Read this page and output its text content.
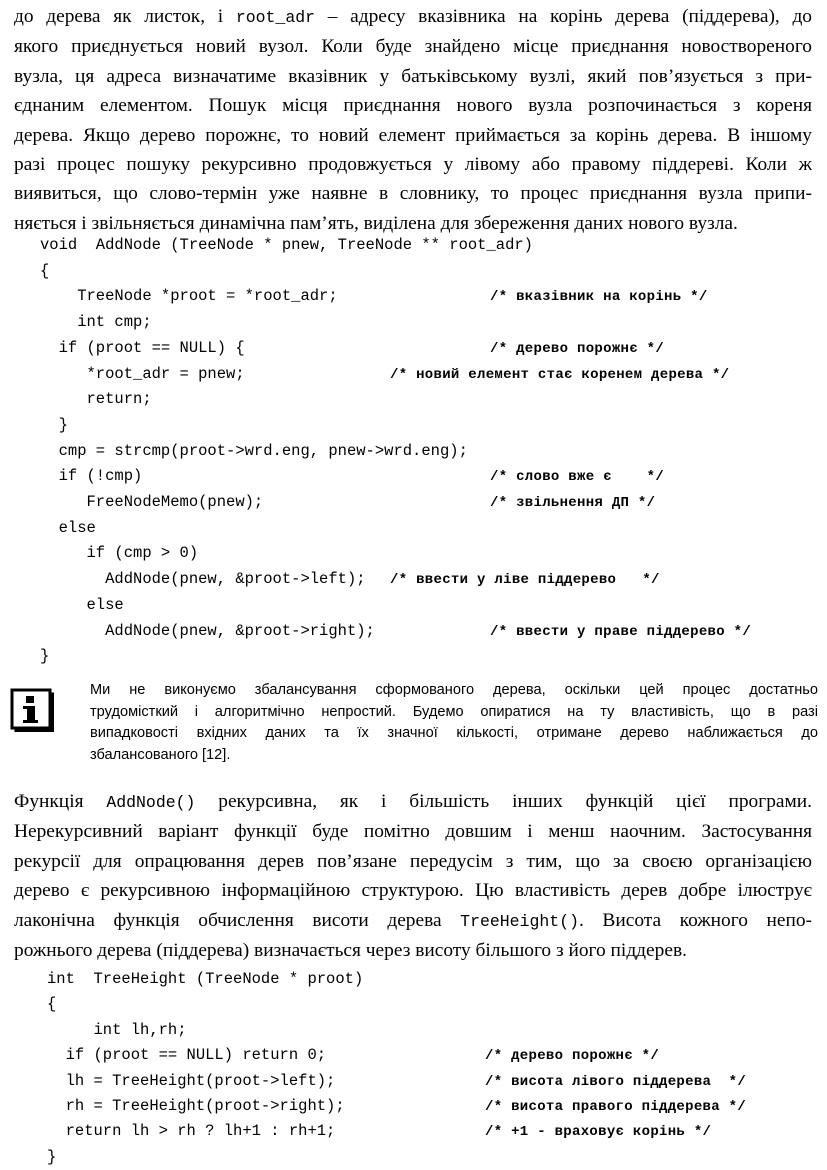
до дерева як листок, і root_adr – адресу вказівника на корінь дерева (піддерева), до
якого приєднується новий вузол. Коли буде знайдено місце приєднання новоствореного
вузла, ця адреса визначатиме вказівник у батьківському вузлі, який пов’язується з при-
єднаним елементом. Пошук місця приєднання нового вузла розпочинається з кореня
дерева. Якщо дерево порожнє, то новий елемент приймається за корінь дерева. В іншому
разі процес пошуку рекурсивно продовжується у лівому або правому піддереві. Коли ж
виявиться, що слово-термін уже наявне в словнику, то процес приєднання вузла припи-
няється і звільняється динамічна пам’ять, виділена для збереження даних нового вузла.
void  AddNode (TreeNode * pnew, TreeNode ** root_adr)
{
TreeNode *proot = *root_adr;	/* вказівник на корінь */
int cmp;
if (proot == NULL) {	/* дерево порожнє */
*root_adr = pnew;	/* новий елемент стає коренем дерева */
return;
}
cmp = strcmp(proot->wrd.eng, pnew->wrd.eng);
if (!cmp)	/* слово вже є    */
FreeNodeMemo(pnew);	/* звільнення ДП */
else
if (cmp > 0)
AddNode(pnew, &proot->left); /* ввести у ліве піддерево   */
else
AddNode(pnew, &proot->right);	/* ввести у праве піддерево */
}
Ми не виконуємо збалансування сформованого дерева, оскільки цей процес достатньо
трудомісткий і алгоритмічно непростий. Будемо опиратися на ту властивість, що в разі
випадковості вхідних даних та їх значної кількості, отримане дерево наближається до
збалансованого [12].
Функція AddNode() рекурсивна, як і більшість інших функцій цієї програми.
Нерекурсивний варіант функції буде помітно довшим і менш наочним. Застосування
рекурсії для опрацювання дерев пов’язане передусім з тим, що за своєю організацією
дерево є рекурсивною інформаційною структурою. Цю властивість дерев добре ілюструє
лаконічна функція обчислення висоти дерева TreeHeight(). Висота кожного непо-
рожнього дерева (піддерева) визначається через висоту більшого з його піддерев.
int  TreeHeight (TreeNode * proot)
{
int lh,rh;
if (proot == NULL) return 0;	/* дерево порожнє */
lh = TreeHeight(proot->left);	/* висота лівого піддерева  */
rh = TreeHeight(proot->right);	/* висота правого піддерева */
return lh > rh ? lh+1 : rh+1;	/* +1 - враховує корінь */
}
